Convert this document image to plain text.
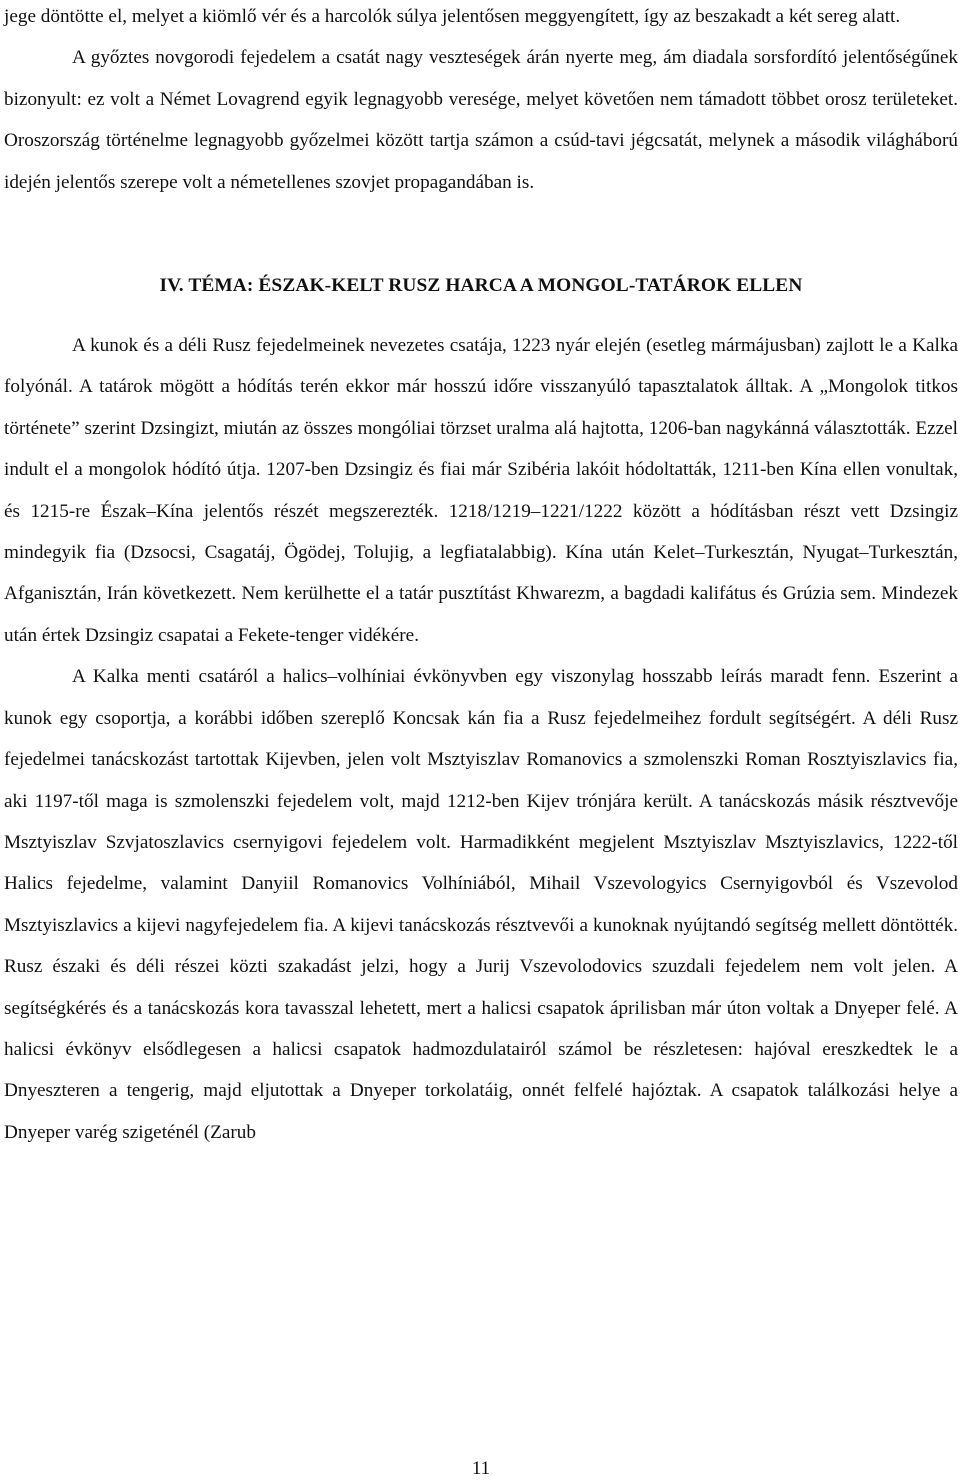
jege döntötte el, melyet a kiömlő vér és a harcolók súlya jelentősen meggyengített, így az beszakadt a két sereg alatt.

A győztes novgorodi fejedelem a csatát nagy veszteségek árán nyerte meg, ám diadala sorsfordító jelentőségűnek bizonyult: ez volt a Német Lovagrend egyik legnagyobb veresége, melyet követően nem támadott többet orosz területeket. Oroszország történelme legnagyobb győzelmei között tartja számon a csúd-tavi jégcsatát, melynek a második világháború idején jelentős szerepe volt a németellenes szovjet propagandában is.

IV. TÉMA: ÉSZAK-KELT RUSZ HARCA A MONGOL-TATÁROK ELLEN

A kunok és a déli Rusz fejedelmeinek nevezetes csatája, 1223 nyár elején (esetleg mármájusban) zajlott le a Kalka folyónál. A tatárok mögött a hódítás terén ekkor már hosszú időre visszanyúló tapasztalatok álltak. A „Mongolok titkos története” szerint Dzsingizt, miután az összes mongóliai törzset uralma alá hajtotta, 1206-ban nagykánná választották. Ezzel indult el a mongolok hódító útja. 1207-ben Dzsingiz és fiai már Szibéria lakóit hódoltatták, 1211-ben Kína ellen vonultak, és 1215-re Észak–Kína jelentős részét megszerezték. 1218/1219–1221/1222 között a hódításban részt vett Dzsingiz mindegyik fia (Dzsocsi, Csagatáj, Ögödej, Tolujig, a legfiatalabbig). Kína után Kelet–Turkesztán, Nyugat–Turkesztán, Afganisztán, Irán következett. Nem kerülhette el a tatár pusztítást Khwarezm, a bagdadi kalifátus és Grúzia sem. Mindezek után értek Dzsingiz csapatai a Fekete-tenger vidékére.

A Kalka menti csatáról a halics–volhíniai évkönyvben egy viszonylag hosszabb leírás maradt fenn. Eszerint a kunok egy csoportja, a korábbi időben szereplő Koncsak kán fia a Rusz fejedelmeihez fordult segítségért. A déli Rusz fejedelmei tanácskozást tartottak Kijevben, jelen volt Msztyiszlav Romanovics a szmolenszki Roman Rosztyiszlavics fia, aki 1197-től maga is szmolenszki fejedelem volt, majd 1212-ben Kijev trónjára került. A tanácskozás másik résztvevője Msztyiszlav Szvjatoszlavics csernyigovi fejedelem volt. Harmadikként megjelent Msztyiszlav Msztyiszlavics, 1222-től Halics fejedelme, valamint Danyiil Romanovics Volhíniából, Mihail Vszevologyics Csernyigovból és Vszevolod Msztyiszlavics a kijevi nagyfejedelem fia. A kijevi tanácskozás résztvevői a kunoknak nyújtandó segítség mellett döntötték. Rusz északi és déli részei közti szakadást jelzi, hogy a Jurij Vszevolodovics szuzdali fejedelem nem volt jelen. A segítségkérés és a tanácskozás kora tavasszal lehetett, mert a halicsi csapatok áprilisban már úton voltak a Dnyeper felé. A halicsi évkönyv elsődlegesen a halicsi csapatok hadmozdulatairól számol be részletesen: hajóval ereszkedtek le a Dnyeszteren a tengerig, majd eljutottak a Dnyeper torkolatáig, onnét felfelé hajóztak. A csapatok találkozási helye a Dnyeper varég szigeténél (Zarub

11
